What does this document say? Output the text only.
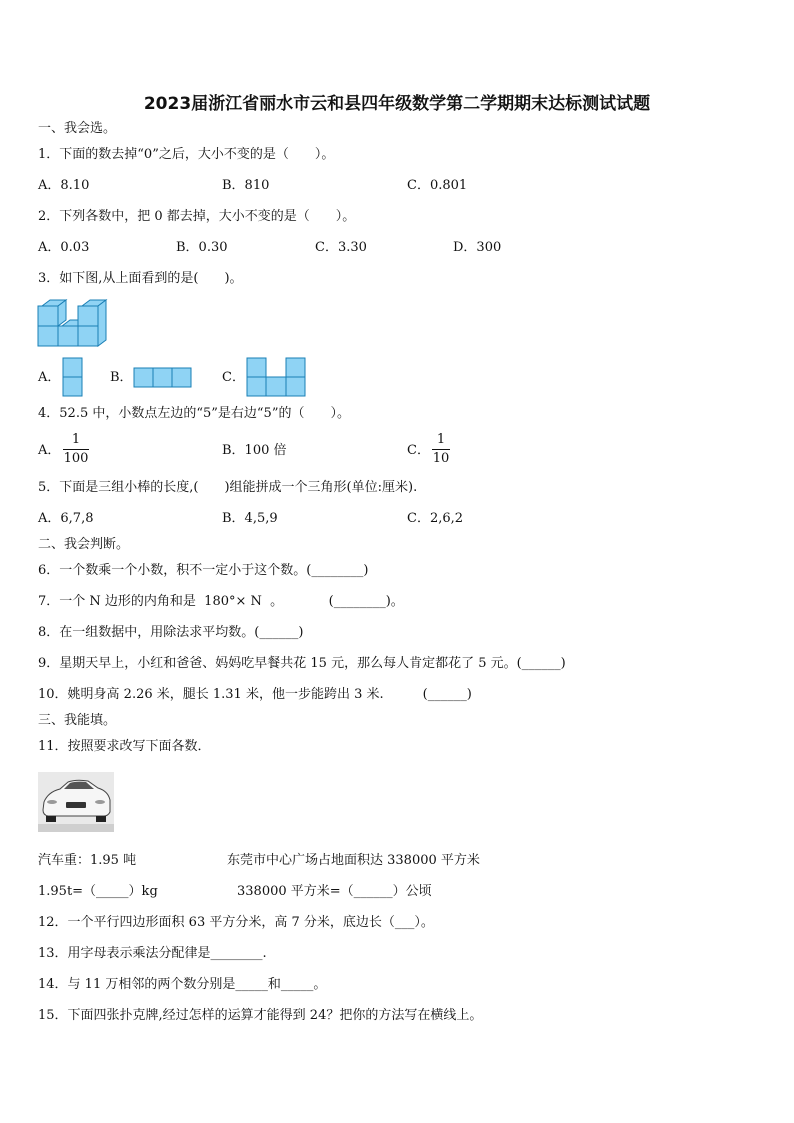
2023届浙江省丽水市云和县四年级数学第二学期期末达标测试试题
一、我会选。
1．下面的数去掉“0”之后，大小不变的是（　　）。
A．8.10	B．810	C．0.801
2．下列各数中，把 0 都去掉，大小不变的是（　　）。
A．0.03	B．0.30	C．3.30	D．300
3．如下图,从上面看到的是(　　)。
A．	B．	C．
4．52.5 中，小数点左边的“5”是右边“5”的（　　）。
A．
1
100
B．100 倍	C．
1
10
5．下面是三组小棒的长度,(　　)组能拼成一个三角形(单位:厘米).
A．6,7,8	B．4,5,9	C．2,6,2
二、我会判断。
6．一个数乘一个小数，积不一定小于这个数。(________)
7．一个 N 边形的内角和是  180°× N  。　　　　(________)。
8．在一组数据中，用除法求平均数。(______)
9．星期天早上，小红和爸爸、妈妈吃早餐共花 15 元，那么每人肯定都花了 5 元。(______)
10．姚明身高 2.26 米，腿长 1.31 米，他一步能跨出 3 米.　　　(______)
三、我能填。
11．按照要求改写下面各数．
汽车重：1.95 吨	东莞市中心广场占地面积达 338000 平方米
1.95t=（_____）kg	338000 平方米=（______）公顷
12．一个平行四边形面积 63 平方分米，高 7 分米，底边长（___）。
13．用字母表示乘法分配律是________.
14．与 11 万相邻的两个数分别是_____和_____。
15．下面四张扑克牌,经过怎样的运算才能得到 24？把你的方法写在横线上。
